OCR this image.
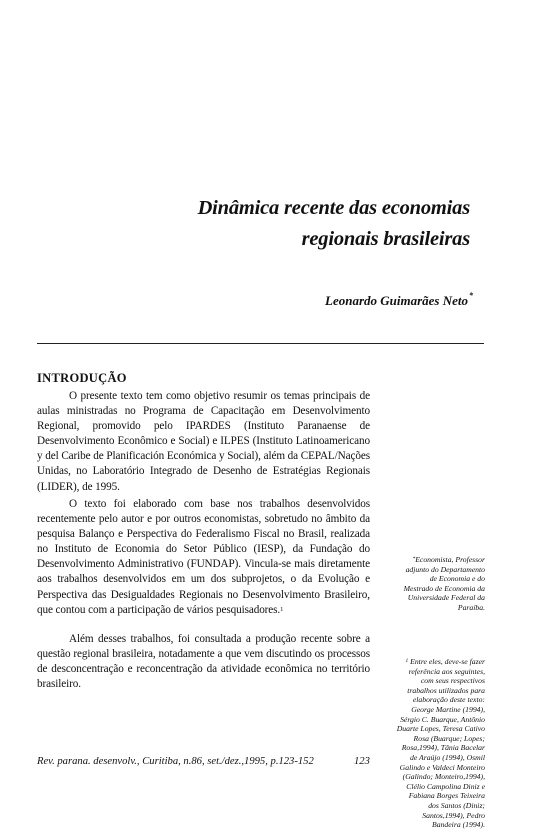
Dinâmica recente das economias
regionais brasileiras
Leonardo Guimarães Neto*
INTRODUÇÃO
O presente texto tem como objetivo resumir os temas principais de aulas ministradas no Programa de Capacitação em Desenvolvimento Regional, promovido pelo IPARDES (Instituto Paranaense de Desenvolvimento Econômico e Social) e ILPES (Instituto Latinoamericano y del Caribe de Planificación Económica y Social), além da CEPAL/Nações Unidas, no Laboratório Integrado de Desenho de Estratégias Regionais (LIDER), de 1995.
O texto foi elaborado com base nos trabalhos desenvolvidos recentemente pelo autor e por outros economistas, sobretudo no âmbito da pesquisa Balanço e Perspectiva do Federalismo Fiscal no Brasil, realizada no Instituto de Economia do Setor Público (IESP), da Fundação do Desenvolvimento Administrativo (FUNDAP). Vincula-se mais diretamente aos trabalhos desenvolvidos em um dos subprojetos, o da Evolução e Perspectiva das Desigualdades Regionais no Desenvolvimento Brasileiro, que contou com a participação de vários pesquisadores.$^1$
Além desses trabalhos, foi consultada a produção recente sobre a questão regional brasileira, notadamente a que vem discutindo os processos de desconcentração e reconcentração da atividade econômica no território brasileiro.
*Economista, Professor
adjunto do Departamento
de Economia e do
Mestrado de Economia da
Universidade Federal da
Paraíba.
$^1$ Entre eles, deve-se fazer
referência aos seguintes,
com seus respectivos
trabalhos utilizados para
elaboração deste texto:
George Martine (1994),
Sérgio C. Buarque, Antônio
Duarte Lopes, Teresa Cativo
Rosa (Buarque; Lopes;
Rosa,1994), Tânia Bacelar
de Araújo (1994), Osmil
Galindo e Valdeci Monteiro
(Galindo; Monteiro,1994),
Clélio Campolina Diniz e
Fabiana Borges Teixeira
dos Santos (Diniz;
Santos,1994), Pedro
Bandeira (1994).
Rev. parana. desenvolv., Curitiba, n.86, set./dez.,1995, p.123-152	123
